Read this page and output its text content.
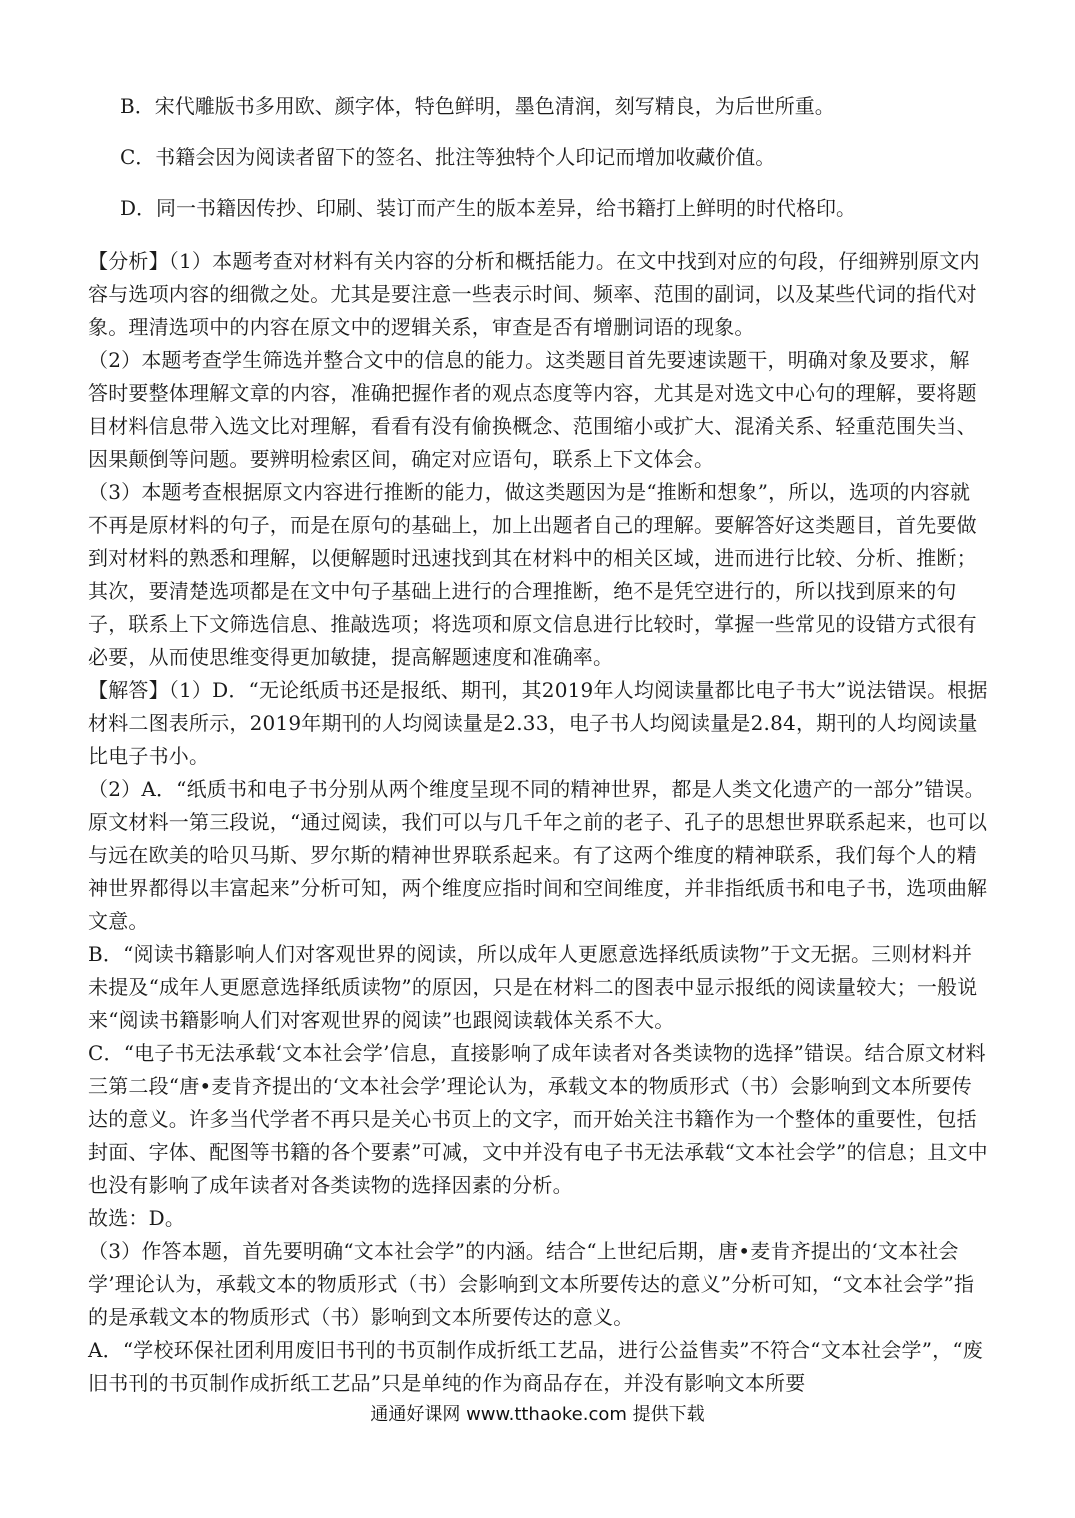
B．宋代雕版书多用欧、颜字体，特色鲜明，墨色清润，刻写精良，为后世所重。

C．书籍会因为阅读者留下的签名、批注等独特个人印记而增加收藏价值。

D．同一书籍因传抄、印刷、装订而产生的版本差异，给书籍打上鲜明的时代格印。

【分析】（1）本题考查对材料有关内容的分析和概括能力。在文中找到对应的句段，仔细辨别原文内容与选项内容的细微之处。尤其是要注意一些表示时间、频率、范围的副词，以及某些代词的指代对象。理清选项中的内容在原文中的逻辑关系，审查是否有增删词语的现象。

（2）本题考查学生筛选并整合文中的信息的能力。这类题目首先要速读题干，明确对象及要求，解答时要整体理解文章的内容，准确把握作者的观点态度等内容，尤其是对选文中心句的理解，要将题目材料信息带入选文比对理解，看看有没有偷换概念、范围缩小或扩大、混淆关系、轻重范围失当、因果颠倒等问题。要辨明检索区间，确定对应语句，联系上下文体会。

（3）本题考查根据原文内容进行推断的能力，做这类题因为是“推断和想象”，所以，选项的内容就不再是原材料的句子，而是在原句的基础上，加上出题者自己的理解。要解答好这类题目，首先要做到对材料的熟悉和理解，以便解题时迅速找到其在材料中的相关区域，进而进行比较、分析、推断；其次，要清楚选项都是在文中句子基础上进行的合理推断，绝不是凭空进行的，所以找到原来的句子，联系上下文筛选信息、推敲选项；将选项和原文信息进行比较时，掌握一些常见的设错方式很有必要，从而使思维变得更加敏捷，提高解题速度和准确率。

【解答】（1）D．“无论纸质书还是报纸、期刊，其2019年人均阅读量都比电子书大”说法错误。根据材料二图表所示，2019年期刊的人均阅读量是2.33，电子书人均阅读量是2.84，期刊的人均阅读量比电子书小。

（2）A．“纸质书和电子书分别从两个维度呈现不同的精神世界，都是人类文化遗产的一部分”错误。原文材料一第三段说，“通过阅读，我们可以与几千年之前的老子、孔子的思想世界联系起来，也可以与远在欧美的哈贝马斯、罗尔斯的精神世界联系起来。有了这两个维度的精神联系，我们每个人的精神世界都得以丰富起来”分析可知，两个维度应指时间和空间维度，并非指纸质书和电子书，选项曲解文意。

B．“阅读书籍影响人们对客观世界的阅读，所以成年人更愿意选择纸质读物”于文无据。三则材料并未提及“成年人更愿意选择纸质读物”的原因，只是在材料二的图表中显示报纸的阅读量较大；一般说来“阅读书籍影响人们对客观世界的阅读”也跟阅读载体关系不大。

C．“电子书无法承载‘文本社会学’信息，直接影响了成年读者对各类读物的选择”错误。结合原文材料三第二段“唐•麦肯齐提出的‘文本社会学’理论认为，承载文本的物质形式（书）会影响到文本所要传达的意义。许多当代学者不再只是关心书页上的文字，而开始关注书籍作为一个整体的重要性，包括封面、字体、配图等书籍的各个要素”可减，文中并没有电子书无法承载“文本社会学”的信息；且文中也没有影响了成年读者对各类读物的选择因素的分析。

故选：D。

（3）作答本题，首先要明确“文本社会学”的内涵。结合“上世纪后期，唐•麦肯齐提出的‘文本社会学’理论认为，承载文本的物质形式（书）会影响到文本所要传达的意义”分析可知，“文本社会学”指的是承载文本的物质形式（书）影响到文本所要传达的意义。

A．“学校环保社团利用废旧书刊的书页制作成折纸工艺品，进行公益售卖”不符合“文本社会学”，“废旧书刊的书页制作成折纸工艺品”只是单纯的作为商品存在，并没有影响文本所要

通通好课网 www.tthaoke.com 提供下载
